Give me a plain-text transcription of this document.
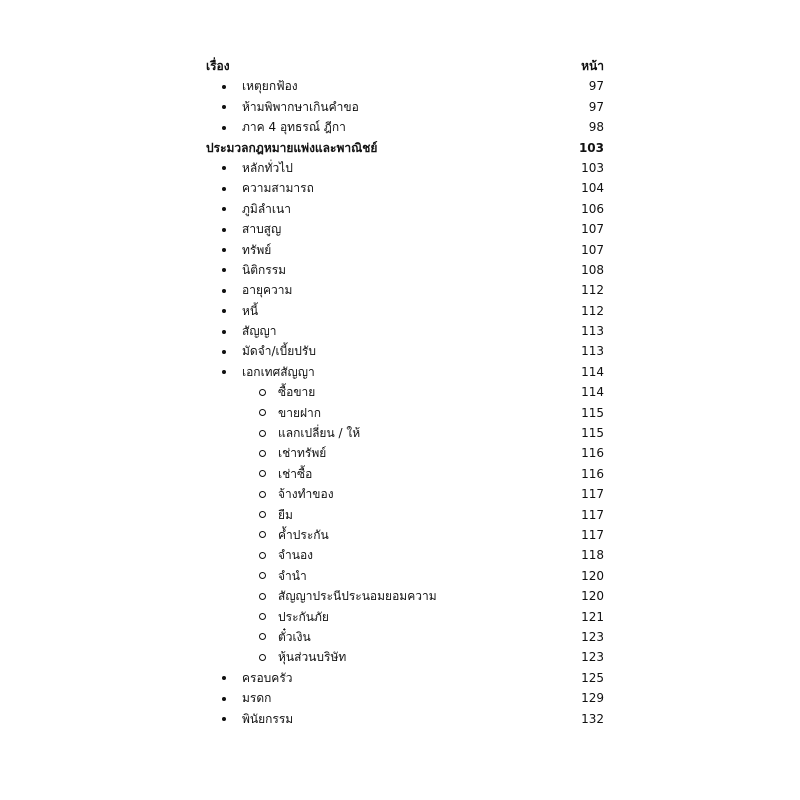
เรื่อง	หน้า
เหตุยกฟ้อง	97
ห้ามพิพากษาเกินคำขอ	97
ภาค 4 อุทธรณ์ ฎีกา	98
ประมวลกฎหมายแพ่งและพาณิชย์	103
หลักทั่วไป	103
ความสามารถ	104
ภูมิลำเนา	106
สาบสูญ	107
ทรัพย์	107
นิติกรรม	108
อายุความ	112
หนี้	112
สัญญา	113
มัดจำ/เบี้ยปรับ	113
เอกเทศสัญญา	114
ซื้อขาย	114
ขายฝาก	115
แลกเปลี่ยน / ให้	115
เช่าทรัพย์	116
เช่าซื้อ	116
จ้างทำของ	117
ยืม	117
ค้ำประกัน	117
จำนอง	118
จำนำ	120
สัญญาประนีประนอมยอมความ	120
ประกันภัย	121
ตั๋วเงิน	123
หุ้นส่วนบริษัท	123
ครอบครัว	125
มรดก	129
พินัยกรรม	132
